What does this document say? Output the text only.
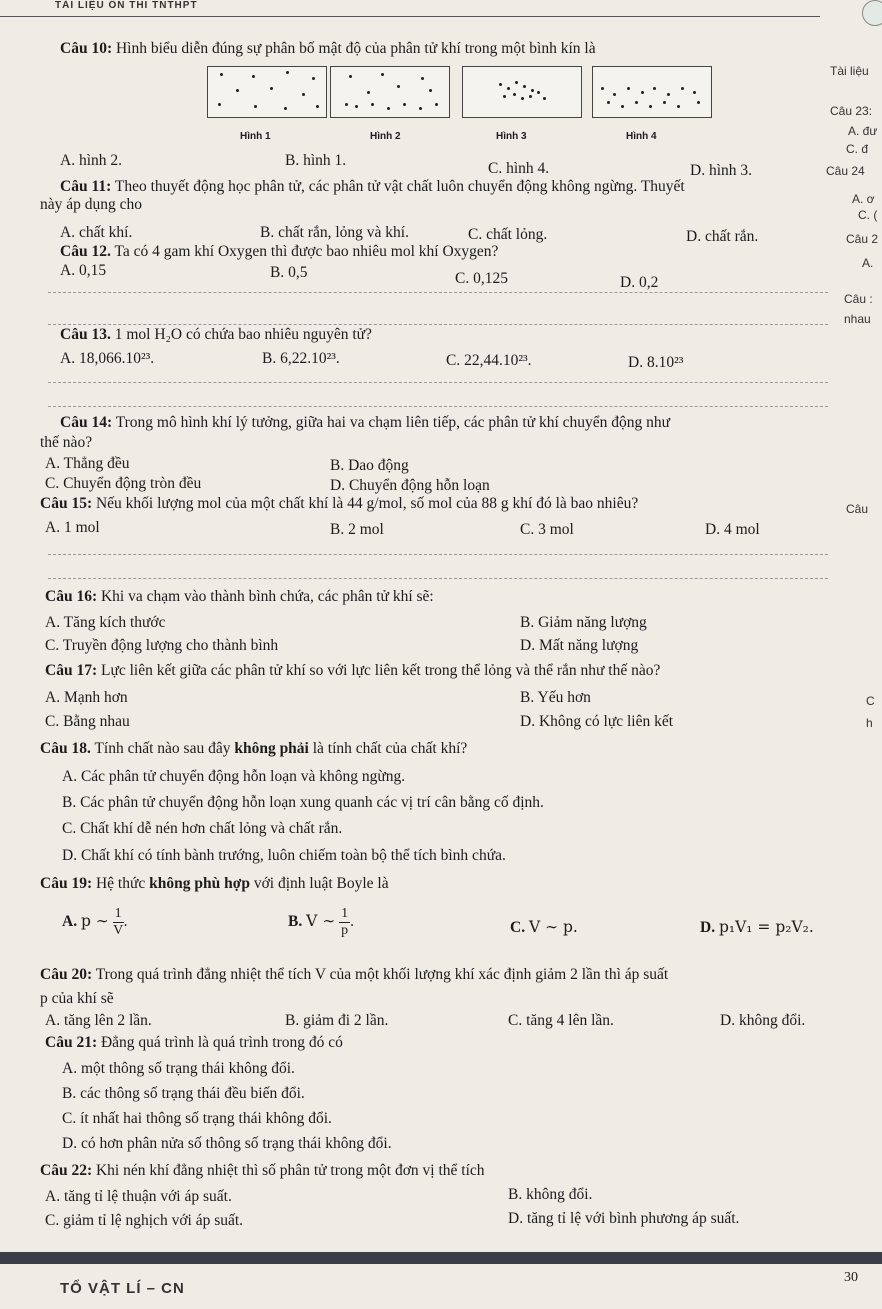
TÀI LIỆU ÔN THI TNTHPT
Câu 10: Hình biểu diễn đúng sự phân bố mật độ của phân tử khí trong một bình kín là
Hình 1	Hình 2	Hình 3	Hình 4
A. hình 2.	B. hình 1.	C. hình 4.	D. hình 3.
Câu 11: Theo thuyết động học phân tử, các phân tử vật chất luôn chuyển động không ngừng. Thuyết
này áp dụng cho
A. chất khí.	B. chất rắn, lỏng và khí.	C. chất lỏng.	D. chất rắn.
Câu 12. Ta có 4 gam khí Oxygen thì được bao nhiêu mol khí Oxygen?
A. 0,15	B. 0,5	C. 0,125	D. 0,2
Câu 13. 1 mol H₂O có chứa bao nhiêu nguyên tử?
A. 18,066.10²³.	B. 6,22.10²³.	C. 22,44.10²³.	D. 8.10²³
Câu 14: Trong mô hình khí lý tưởng, giữa hai va chạm liên tiếp, các phân tử khí chuyển động như
thế nào?
A. Thẳng đều	B. Dao động
C. Chuyển động tròn đều	D. Chuyển động hỗn loạn
Câu 15: Nếu khối lượng mol của một chất khí là 44 g/mol, số mol của 88 g khí đó là bao nhiêu?
A. 1 mol	B. 2 mol	C. 3 mol	D. 4 mol
Câu 16: Khi va chạm vào thành bình chứa, các phân tử khí sẽ:
A. Tăng kích thước	B. Giảm năng lượng
C. Truyền động lượng cho thành bình	D. Mất năng lượng
Câu 17: Lực liên kết giữa các phân tử khí so với lực liên kết trong thể lỏng và thể rắn như thế nào?
A. Mạnh hơn	B. Yếu hơn
C. Bằng nhau	D. Không có lực liên kết
Câu 18. Tính chất nào sau đây không phải là tính chất của chất khí?
A. Các phân tử chuyển động hỗn loạn và không ngừng.
B. Các phân tử chuyển động hỗn loạn xung quanh các vị trí cân bằng cố định.
C. Chất khí dễ nén hơn chất lỏng và chất rắn.
D. Chất khí có tính bành trướng, luôn chiếm toàn bộ thể tích bình chứa.
Câu 19: Hệ thức không phù hợp với định luật Boyle là
A. p ∼ $\frac{1}{V}$ .	B. V ∼ $\frac{1}{p}$ .	C. V ∼ p.	D. p₁V₁ = p₂V₂.
Câu 20: Trong quá trình đẳng nhiệt thể tích V của một khối lượng khí xác định giảm 2 lần thì áp suất
p của khí sẽ
A. tăng lên 2 lần.	B. giảm đi 2 lần.	C. tăng 4 lên lần.	D. không đổi.
Câu 21: Đẳng quá trình là quá trình trong đó có
A. một thông số trạng thái không đổi.
B. các thông số trạng thái đều biến đổi.
C. ít nhất hai thông số trạng thái không đổi.
D. có hơn phân nửa số thông số trạng thái không đổi.
Câu 22: Khi nén khí đẳng nhiệt thì số phân tử trong một đơn vị thể tích
A. tăng tỉ lệ thuận với áp suất.	B. không đổi.
C. giảm tỉ lệ nghịch với áp suất.	D. tăng tỉ lệ với bình phương áp suất.
Tài liệu
Câu 23:
A. đư
C. đ
Câu 24
A. ơ
C. (
Câu 2
A.
Câu :
nhau
Câu
C
h
30
TỔ VẬT LÍ – CN
